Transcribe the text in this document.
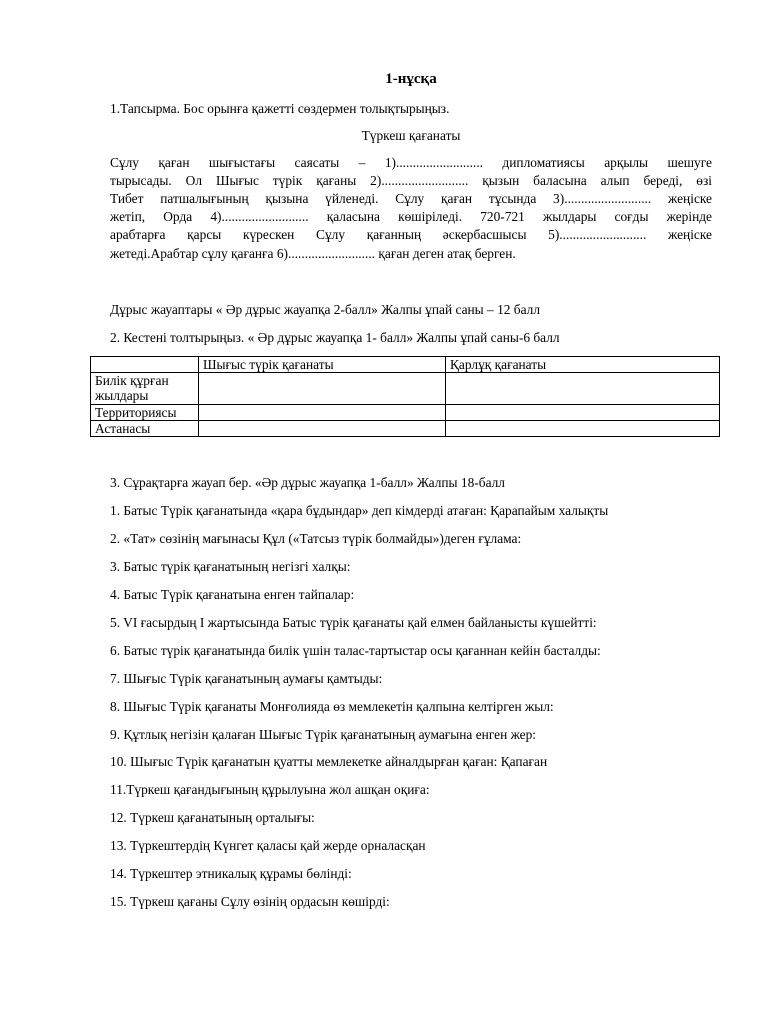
1-нұсқа
1.Тапсырма. Бос орынға қажетті сөздермен толықтырыңыз.
Түркеш қағанаты
Сұлу қаған шығыстағы саясаты – 1).......................... дипломатиясы арқылы шешуге
тырысады. Ол Шығыс түрік қағаны 2).......................... қызын баласына алып береді, өзі
Тибет патшалығының қызына үйленеді. Сұлу қаған тұсында 3).......................... жеңіске
жетіп, Орда 4).......................... қаласына көшіріледі. 720-721 жылдары соғды жерінде
арабтарға қарсы күрескен Сұлу қағанның әскербасшысы 5).......................... жеңіске
жетеді.Арабтар сұлу қағанға 6).......................... қаған деген атақ берген.
Дұрыс жауаптары « Әр дұрыс жауапқа 2-балл» Жалпы ұпай саны – 12 балл
2. Кестені толтырыңыз. « Әр дұрыс жауапқа 1- балл» Жалпы ұпай саны-6 балл
	Шығыс түрік қағанаты	Қарлұқ қағанаты
Билік құрған жылдары		
Территориясы		
Астанасы		
3. Сұрақтарға жауап бер. «Әр дұрыс жауапқа 1-балл» Жалпы 18-балл
1. Батыс Түрік қағанатында «қара бұдындар» деп кімдерді атаған: Қарапайым халықты
2. «Тат» сөзінің мағынасы Құл («Татсыз түрік болмайды»)деген ғұлама:
3. Батыс түрік қағанатының негізгі халқы:
4. Батыс Түрік қағанатына енген тайпалар:
5. VI ғасырдың I жартысында Батыс түрік қағанаты қай елмен байланысты күшейтті:
6. Батыс түрік қағанатында билік үшін талас-тартыстар осы қағаннан кейін басталды:
7. Шығыс Түрік қағанатының аумағы қамтыды:
8. Шығыс Түрік қағанаты Монғолияда өз мемлекетін қалпына келтірген жыл:
9. Құтлық негізін қалаған Шығыс Түрік қағанатының аумағына енген жер:
10. Шығыс Түрік қағанатын қуатты мемлекетке айналдырған қаған: Қапаған
11.Түркеш қағандығының құрылуына жол ашқан оқиға:
12. Түркеш қағанатының орталығы:
13. Түркештердің Күнгет қаласы қай жерде орналасқан
14. Түркештер этникалық құрамы бөлінді:
15. Түркеш қағаны Сұлу өзінің ордасын көшірді:
